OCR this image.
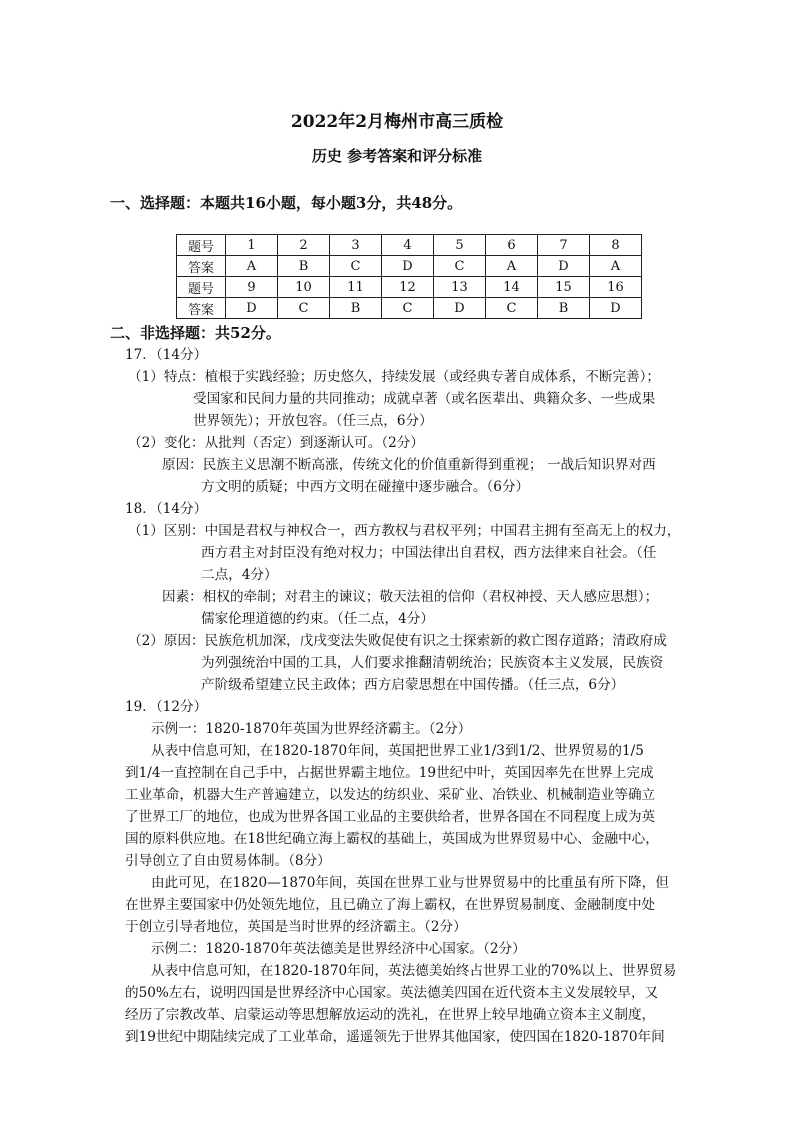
2022年2月梅州市高三质检
历史 参考答案和评分标准
一、选择题：本题共16小题，每小题3分，共48分。
题号	1	2	3	4	5	6	7	8
答案	A	B	C	D	C	A	D	A
题号	9	10	11	12	13	14	15	16
答案	D	C	B	C	D	C	B	D
二、非选择题：共52分。
17．（14分）
（1）特点：植根于实践经验；历史悠久，持续发展（或经典专著自成体系，不断完善）；
受国家和民间力量的共同推动；成就卓著（或名医辈出、典籍众多、一些成果
世界领先）；开放包容。（任三点，6分）
（2）变化：从批判（否定）到逐渐认可。（2分）
原因：民族主义思潮不断高涨，传统文化的价值重新得到重视； 一战后知识界对西
方文明的质疑；中西方文明在碰撞中逐步融合。（6分）
18．（14分）
（1）区别：中国是君权与神权合一，西方教权与君权平列；中国君主拥有至高无上的权力，
西方君主对封臣没有绝对权力；中国法律出自君权，西方法律来自社会。（任
二点，4分）
因素：相权的牵制；对君主的谏议；敬天法祖的信仰（君权神授、天人感应思想）；
儒家伦理道德的约束。（任二点，4分）
（2）原因：民族危机加深，戊戌变法失败促使有识之士探索新的救亡图存道路；清政府成
为列强统治中国的工具，人们要求推翻清朝统治；民族资本主义发展，民族资
产阶级希望建立民主政体；西方启蒙思想在中国传播。（任三点，6分）
19．（12分）
示例一：1820-1870年英国为世界经济霸主。（2分）
从表中信息可知，在1820-1870年间，英国把世界工业1/3到1/2、世界贸易的1/5
到1/4一直控制在自己手中，占据世界霸主地位。19世纪中叶，英国因率先在世界上完成
工业革命，机器大生产普遍建立，以发达的纺织业、采矿业、冶铁业、机械制造业等确立
了世界工厂的地位，也成为世界各国工业品的主要供给者，世界各国在不同程度上成为英
国的原料供应地。在18世纪确立海上霸权的基础上，英国成为世界贸易中心、金融中心，
引导创立了自由贸易体制。（8分）
由此可见，在1820—1870年间，英国在世界工业与世界贸易中的比重虽有所下降，但
在世界主要国家中仍处领先地位，且已确立了海上霸权，在世界贸易制度、金融制度中处
于创立引导者地位，英国是当时世界的经济霸主。（2分）
示例二：1820-1870年英法德美是世界经济中心国家。（2分）
从表中信息可知，在1820-1870年间，英法德美始终占世界工业的70%以上、世界贸易
的50%左右，说明四国是世界经济中心国家。英法德美四国在近代资本主义发展较早，又
经历了宗教改革、启蒙运动等思想解放运动的洗礼，在世界上较早地确立资本主义制度，
到19世纪中期陆续完成了工业革命，遥遥领先于世界其他国家，使四国在1820-1870年间
